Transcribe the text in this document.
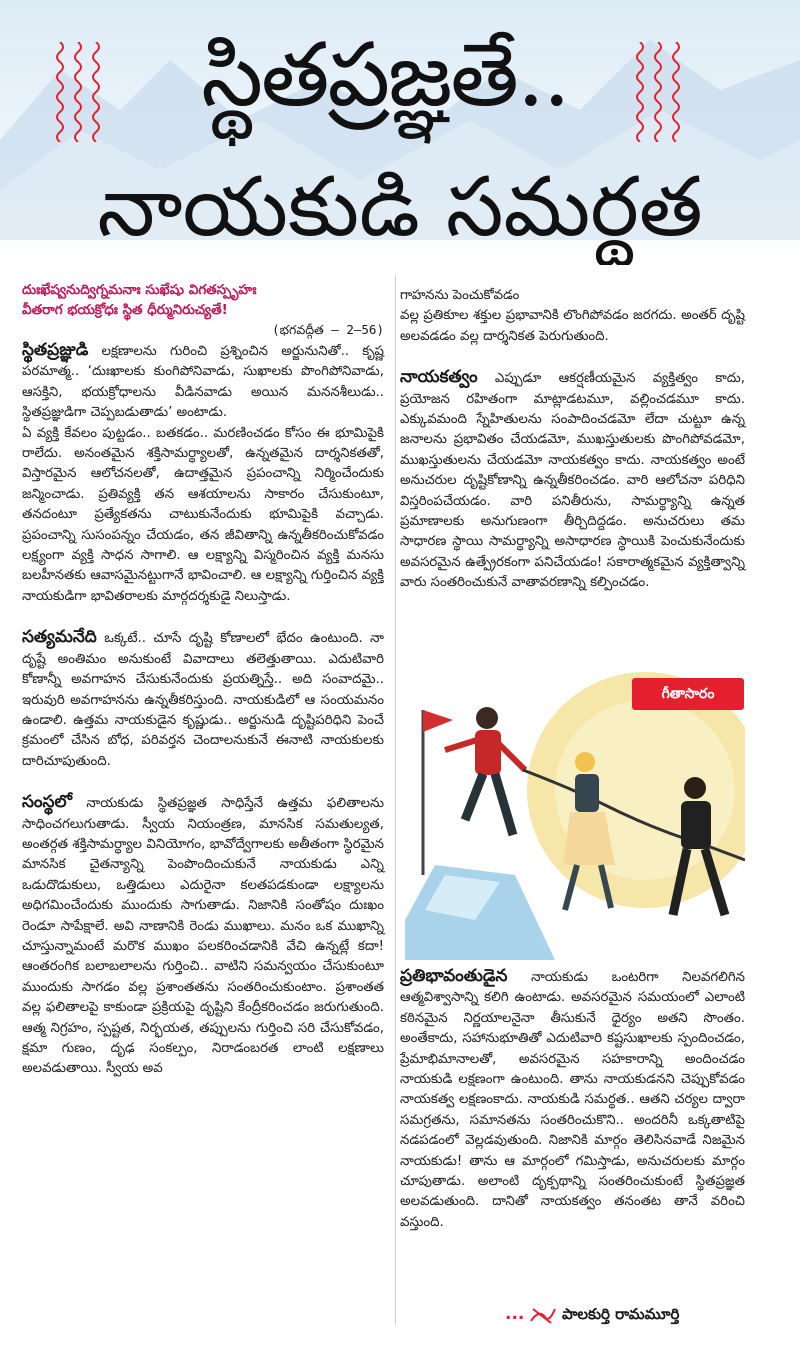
స్థితప్రజ్ఞతే..
నాయకుడి సమర్థత

దుఃఖేష్వనుద్విగ్నమనాః సుఖేషు విగతస్పృహః

వీతరాగ భయక్రోధః స్థిత ధీర్మునిరుచ్యతే!

(భగవద్గీత – 2–56)

స్థితప్రజ్ఞుడి లక్షణాలను గురించి ప్రశ్నించిన అర్జునునితో.. కృష్ణ పరమాత్మ.. ‘దుఃఖాలకు కుంగిపోనివాడు, సుఖాలకు పొంగిపోనివాడు, ఆసక్తిని, భయక్రోధాలను వీడినవాడు అయిన మననశీలుడు.. స్థితప్రజ్ఞుడిగా చెప్పబడుతాడు’ అంటాడు.

ఏ వ్యక్తి కేవలం పుట్టడం.. బతకడం.. మరణించడం కోసం ఈ భూమిపైకి రాలేదు. అనంతమైన శక్తిసామర్థ్యాలతో, ఉన్నతమైన దార్శనికతతో, విస్తారమైన ఆలోచనలతో, ఉదాత్తమైన ప్రపంచాన్ని నిర్మించేందుకు జన్మించాడు. ప్రతివ్యక్తి తన ఆశయాలను సాకారం చేసుకుంటూ, తనదంటూ ప్రత్యేకతను చాటుకునేందుకు భూమిపైకి వచ్చాడు. ప్రపంచాన్ని సుసంపన్నం చేయడం, తన జీవితాన్ని ఉన్నతీకరించుకోవడం లక్ష్యంగా వ్యక్తి సాధన సాగాలి. ఆ లక్ష్యాన్ని విస్మరించిన వ్యక్తి మనసు బలహీనతకు ఆవాసమైనట్టుగానే భావించాలి. ఆ లక్ష్యాన్ని గుర్తించిన వ్యక్తి నాయకుడిగా భావితరాలకు మార్గదర్శకుడై నిలుస్తాడు.

సత్యమనేది ఒక్కటే.. చూసే దృష్టి కోణాలలో భేదం ఉంటుంది. నా దృష్టే అంతిమం అనుకుంటే వివాదాలు తలెత్తుతాయి. ఎదుటివారి కోణాన్నీ అవగాహన చేసుకునేందుకు ప్రయత్నిస్తే.. అది సంవాదమై.. ఇరువురి అవగాహనను ఉన్నతీకరిస్తుంది. నాయకుడిలో ఆ సంయమనం ఉండాలి. ఉత్తమ నాయకుడైన కృష్ణుడు.. అర్జునుడి దృష్టిపరిధిని పెంచే క్రమంలో చేసిన బోధ, పరివర్తన చెందాలనుకునే ఈనాటి నాయకులకు దారిచూపుతుంది.

సంస్థలో నాయకుడు స్థితప్రజ్ఞత సాధిస్తేనే ఉత్తమ ఫలితాలను సాధించగలుగుతాడు. స్వీయ నియంత్రణ, మానసిక సమతుల్యత, అంతర్గత శక్తిసామర్థ్యాల వినియోగం, భావోద్వేగాలకు అతీతంగా స్థిరమైన మానసిక చైతన్యాన్ని పెంపొందించుకునే నాయకుడు ఎన్ని ఒడుదొడుకులు, ఒత్తిడులు ఎదురైనా కలతపడకుండా లక్ష్యాలను అధిగమించేందుకు ముందుకు సాగుతాడు. నిజానికి సంతోషం దుఃఖం రెండూ సాపేక్షాలే. అవి నాణానికి రెండు ముఖాలు. మనం ఒక ముఖాన్ని చూస్తున్నామంటే మరొక ముఖం పలకరించడానికి వేచి ఉన్నట్లే కదా! ఆంతరంగిక బలాబలాలను గుర్తించి.. వాటిని సమన్వయం చేసుకుంటూ ముందుకు సాగడం వల్ల ప్రశాంతతను సంతరించుకుంటాం. ప్రశాంతత వల్ల ఫలితాలపై కాకుండా ప్రక్రియపై దృష్టిని కేంద్రీకరించడం జరుగుతుంది. ఆత్మ నిగ్రహం, స్పష్టత, నిర్భయత, తప్పులను గుర్తించి సరి చేసుకోవడం, క్షమా గుణం, దృఢ సంకల్పం, నిరాడంబరత లాంటి లక్షణాలు అలవడుతాయి. స్వీయ అవ

గాహనను పెంచుకోవడం

వల్ల ప్రతికూల శక్తుల ప్రభావానికి లొంగిపోవడం జరగదు. అంతర్ దృష్టి అలవడడం వల్ల దార్శనికత పెరుగుతుంది.

నాయకత్వం ఎప్పుడూ ఆకర్షణీయమైన వ్యక్తిత్వం కాదు, ప్రయోజన రహితంగా మాట్లాడటమూ, వల్లించడమూ కాదు. ఎక్కువమంది స్నేహితులను సంపాదించడమో లేదా చుట్టూ ఉన్న జనాలను ప్రభావితం చేయడమో, ముఖస్తుతులకు పొంగిపోవడమో, ముఖస్తుతులను చేయడమో నాయకత్వం కాదు. నాయకత్వం అంటే అనుచరుల దృష్టికోణాన్ని ఉన్నతీకరించడం. వారి ఆలోచనా పరిధిని విస్తరింపచేయడం. వారి పనితీరును, సామర్థ్యాన్ని ఉన్నత ప్రమాణాలకు అనుగుణంగా తీర్చిదిద్దడం. అనుచరులు తమ సాధారణ స్థాయి సామర్థ్యాన్ని అసాధారణ స్థాయికి పెంచుకునేందుకు అవసరమైన ఉత్ప్రేరకంగా పనిచేయడం! సకారాత్మకమైన వ్యక్తిత్వాన్ని వారు సంతరించుకునే వాతావరణాన్ని కల్పించడం.

గీతాసారం

ప్రతిభావంతుడైన నాయకుడు ఒంటరిగా నిలవగలిగిన ఆత్మవిశ్వాసాన్ని కలిగి ఉంటాడు. అవసరమైన సమయంలో ఎలాంటి కఠినమైన నిర్ణయాలనైనా తీసుకునే ధైర్యం అతని సొంతం. అంతేకాదు, సహానుభూతితో ఎదుటివారి కష్టసుఖాలకు స్పందించడం, ప్రేమాభిమానాలతో, అవసరమైన సహకారాన్ని అందించడం నాయకుడి లక్షణంగా ఉంటుంది. తాను నాయకుడనని చెప్పుకోవడం నాయకత్వ లక్షణంకాదు. నాయకుడి సమర్థత.. ఆతని చర్యల ద్వారా సమగ్రతను, సమానతను సంతరించుకొని.. అందరినీ ఒక్కతాటిపై నడపడంలో వెల్లడవుతుంది. నిజానికి మార్గం తెలిసినవాడే నిజమైన నాయకుడు! తాను ఆ మార్గంలో గమిస్తాడు, అనుచరులకు మార్గం చూపుతాడు. అలాంటి దృక్పథాన్ని సంతరించుకుంటే స్థితప్రజ్ఞత అలవడుతుంది. దానితో నాయకత్వం తనంతట తానే వరించి వస్తుంది.

...	పాలకుర్తి రామమూర్తి
